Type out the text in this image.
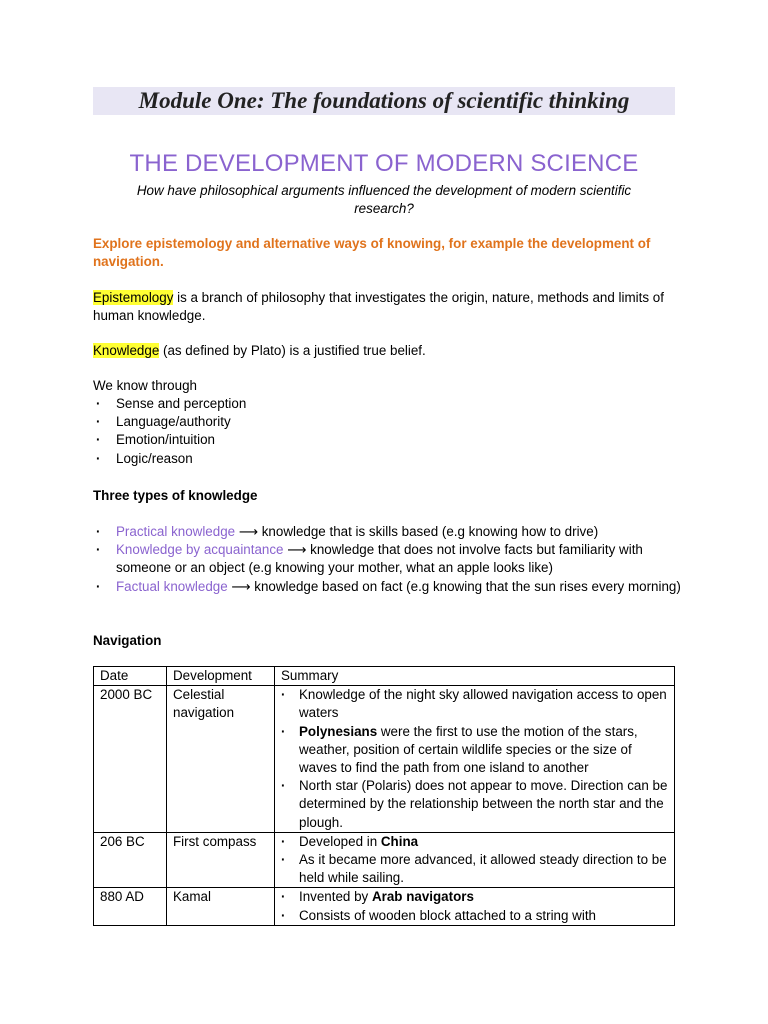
Module One: The foundations of scientific thinking
THE DEVELOPMENT OF MODERN SCIENCE
How have philosophical arguments influenced the development of modern scientific research?
Explore epistemology and alternative ways of knowing, for example the development of navigation.
Epistemology is a branch of philosophy that investigates the origin, nature, methods and limits of human knowledge.
Knowledge (as defined by Plato) is a justified true belief.
We know through
· Sense and perception
· Language/authority
· Emotion/intuition
· Logic/reason
Three types of knowledge
· Practical knowledge ⟶ knowledge that is skills based (e.g knowing how to drive)
· Knowledge by acquaintance ⟶ knowledge that does not involve facts but familiarity with someone or an object (e.g knowing your mother, what an apple looks like)
· Factual knowledge ⟶ knowledge based on fact (e.g knowing that the sun rises every morning)
Navigation
Date	Development	Summary
2000 BC	Celestial navigation	· Knowledge of the night sky allowed navigation access to open waters
· Polynesians were the first to use the motion of the stars, weather, position of certain wildlife species or the size of waves to find the path from one island to another
· North star (Polaris) does not appear to move. Direction can be determined by the relationship between the north star and the plough.

206 BC	First compass	· Developed in China
· As it became more advanced, it allowed steady direction to be held while sailing.

880 AD	Kamal	· Invented by Arab navigators
· Consists of wooden block attached to a string with
